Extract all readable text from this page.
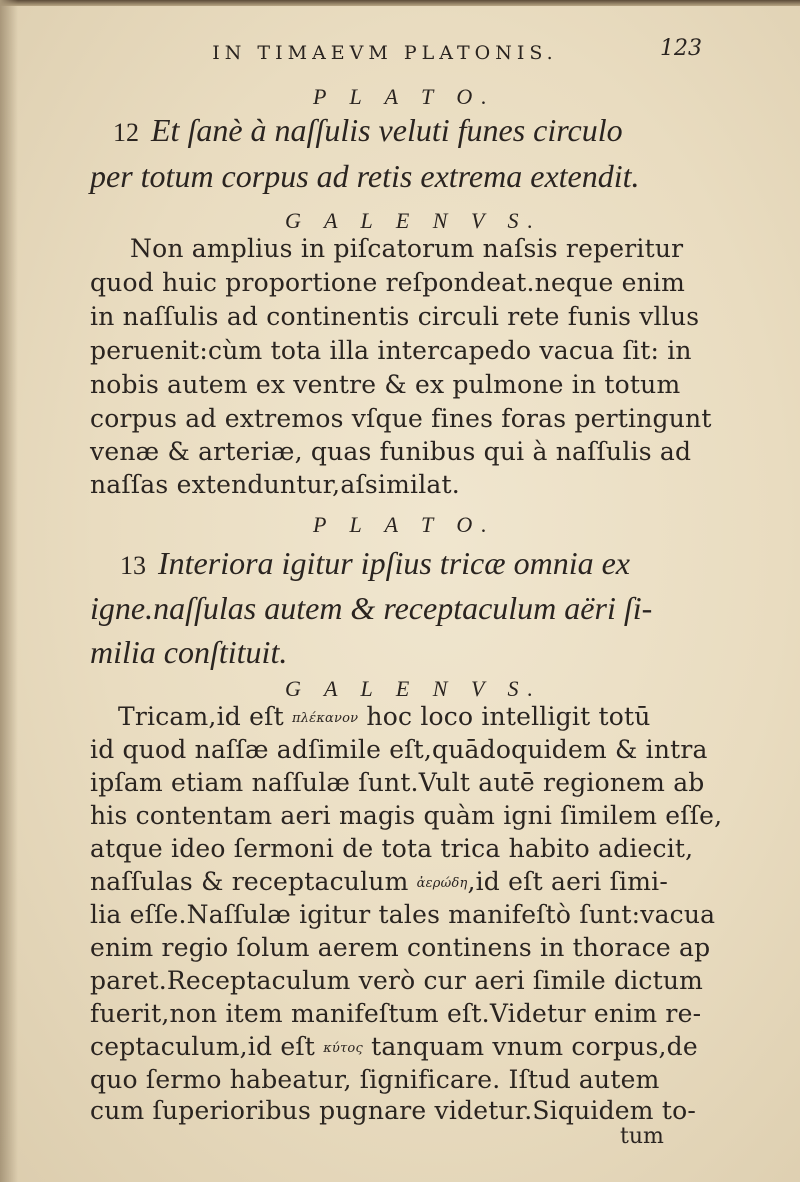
IN TIMAEVM PLATONIS.	123
P L A T O.
12 Et ſanè à naſſulis veluti funes circulo
per totum corpus ad retis extrema extendit.
G A L E N V S.
Non amplius in piſcatorum naſsis reperitur
quod huic proportione reſpondeat.neque enim
in naſſulis ad continentis circuli rete funis vllus
peruenit:cùm tota illa intercapedo vacua ſit: in
nobis autem ex ventre & ex pulmone in totum
corpus ad extremos vſque fines foras pertingunt
venæ & arteriæ, quas funibus qui à naſſulis ad
naſſas extenduntur,aſsimilat.
P L A T O.
13 Interiora igitur ipſius tricæ omnia ex
igne.naſſulas autem & receptaculum aëri ſi-
milia conſtituit.
G A L E N V S.
Tricam,id eſt πλέκανον hoc loco intelligit totū
id quod naſſæ adſimile eſt,quādoquidem & intra
ipſam etiam naſſulæ ſunt.Vult autē regionem ab
his contentam aeri magis quàm igni ſimilem eſſe,
atque ideo ſermoni de tota trica habito adiecit,
naſſulas & receptaculum ἀερώδη,id eſt aeri ſimi-
lia eſſe.Naſſulæ igitur tales manifeſtò ſunt:vacua
enim regio ſolum aerem continens in thorace ap
paret.Receptaculum verò cur aeri ſimile dictum
fuerit,non item manifeſtum eſt.Videtur enim re-
ceptaculum,id eſt κύτος tanquam vnum corpus,de
quo ſermo habeatur, ſignificare. Iſtud autem
cum ſuperioribus pugnare videtur.Siquidem to-
tum
